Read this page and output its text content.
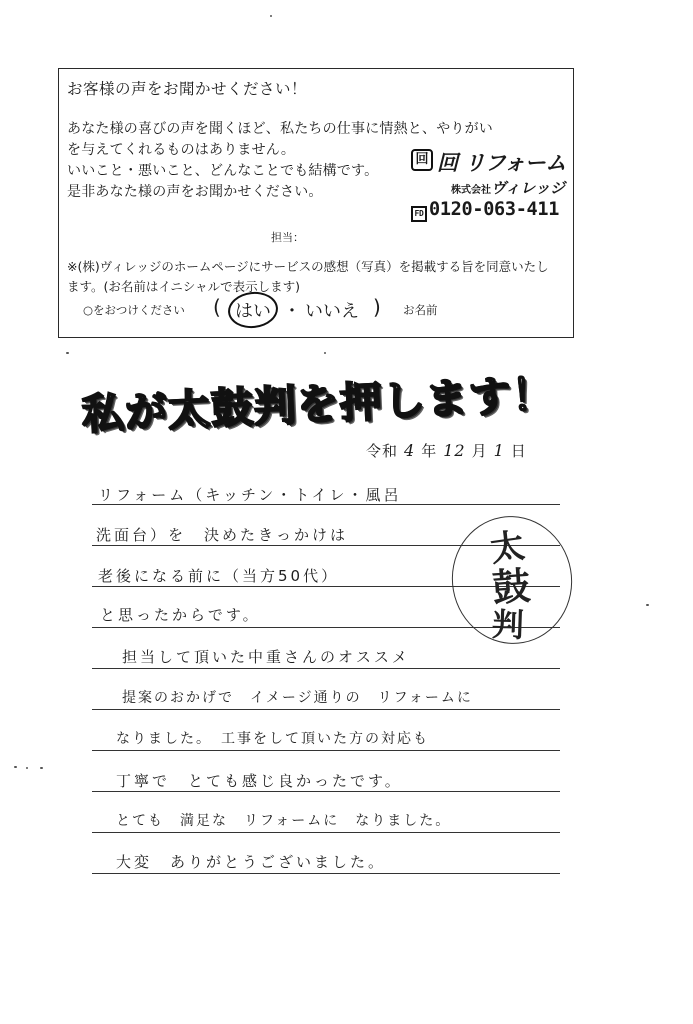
お客様の声をお聞かせください！
あなた様の喜びの声を聞くほど、私たちの仕事に情熱と、やりがい
を与えてくれるものはありません。
いいこと・悪いこと、どんなことでも結構です。
是非あなた様の声をお聞かせください。
回 回 リフォーム
株式会社ヴィレッジ
FD 0120-063-411
担当：
※(株)ヴィレッジのホームページにサービスの感想（写真）を掲載する旨を同意いたし
ます。(お名前はイニシャルで表示します)
○をおつけください ( はい ・ いいえ ) お名前
私が太鼓判を押します！
令和 4 年 12 月 1 日
リフォーム（キッチン・トイレ・風呂
洗面台）を　決めたきっかけは
老後になる前に（当方50代）
と思ったからです。
担当して頂いた中重さんのオススメ
提案のおかげで　イメージ通りの　リフォームに
なりました。　工事をして頂いた方の対応も
丁寧で　とても感じ良かったです。
とても　満足な　リフォームに　なりました。
大変　ありがとうございました。
太
鼓
判
